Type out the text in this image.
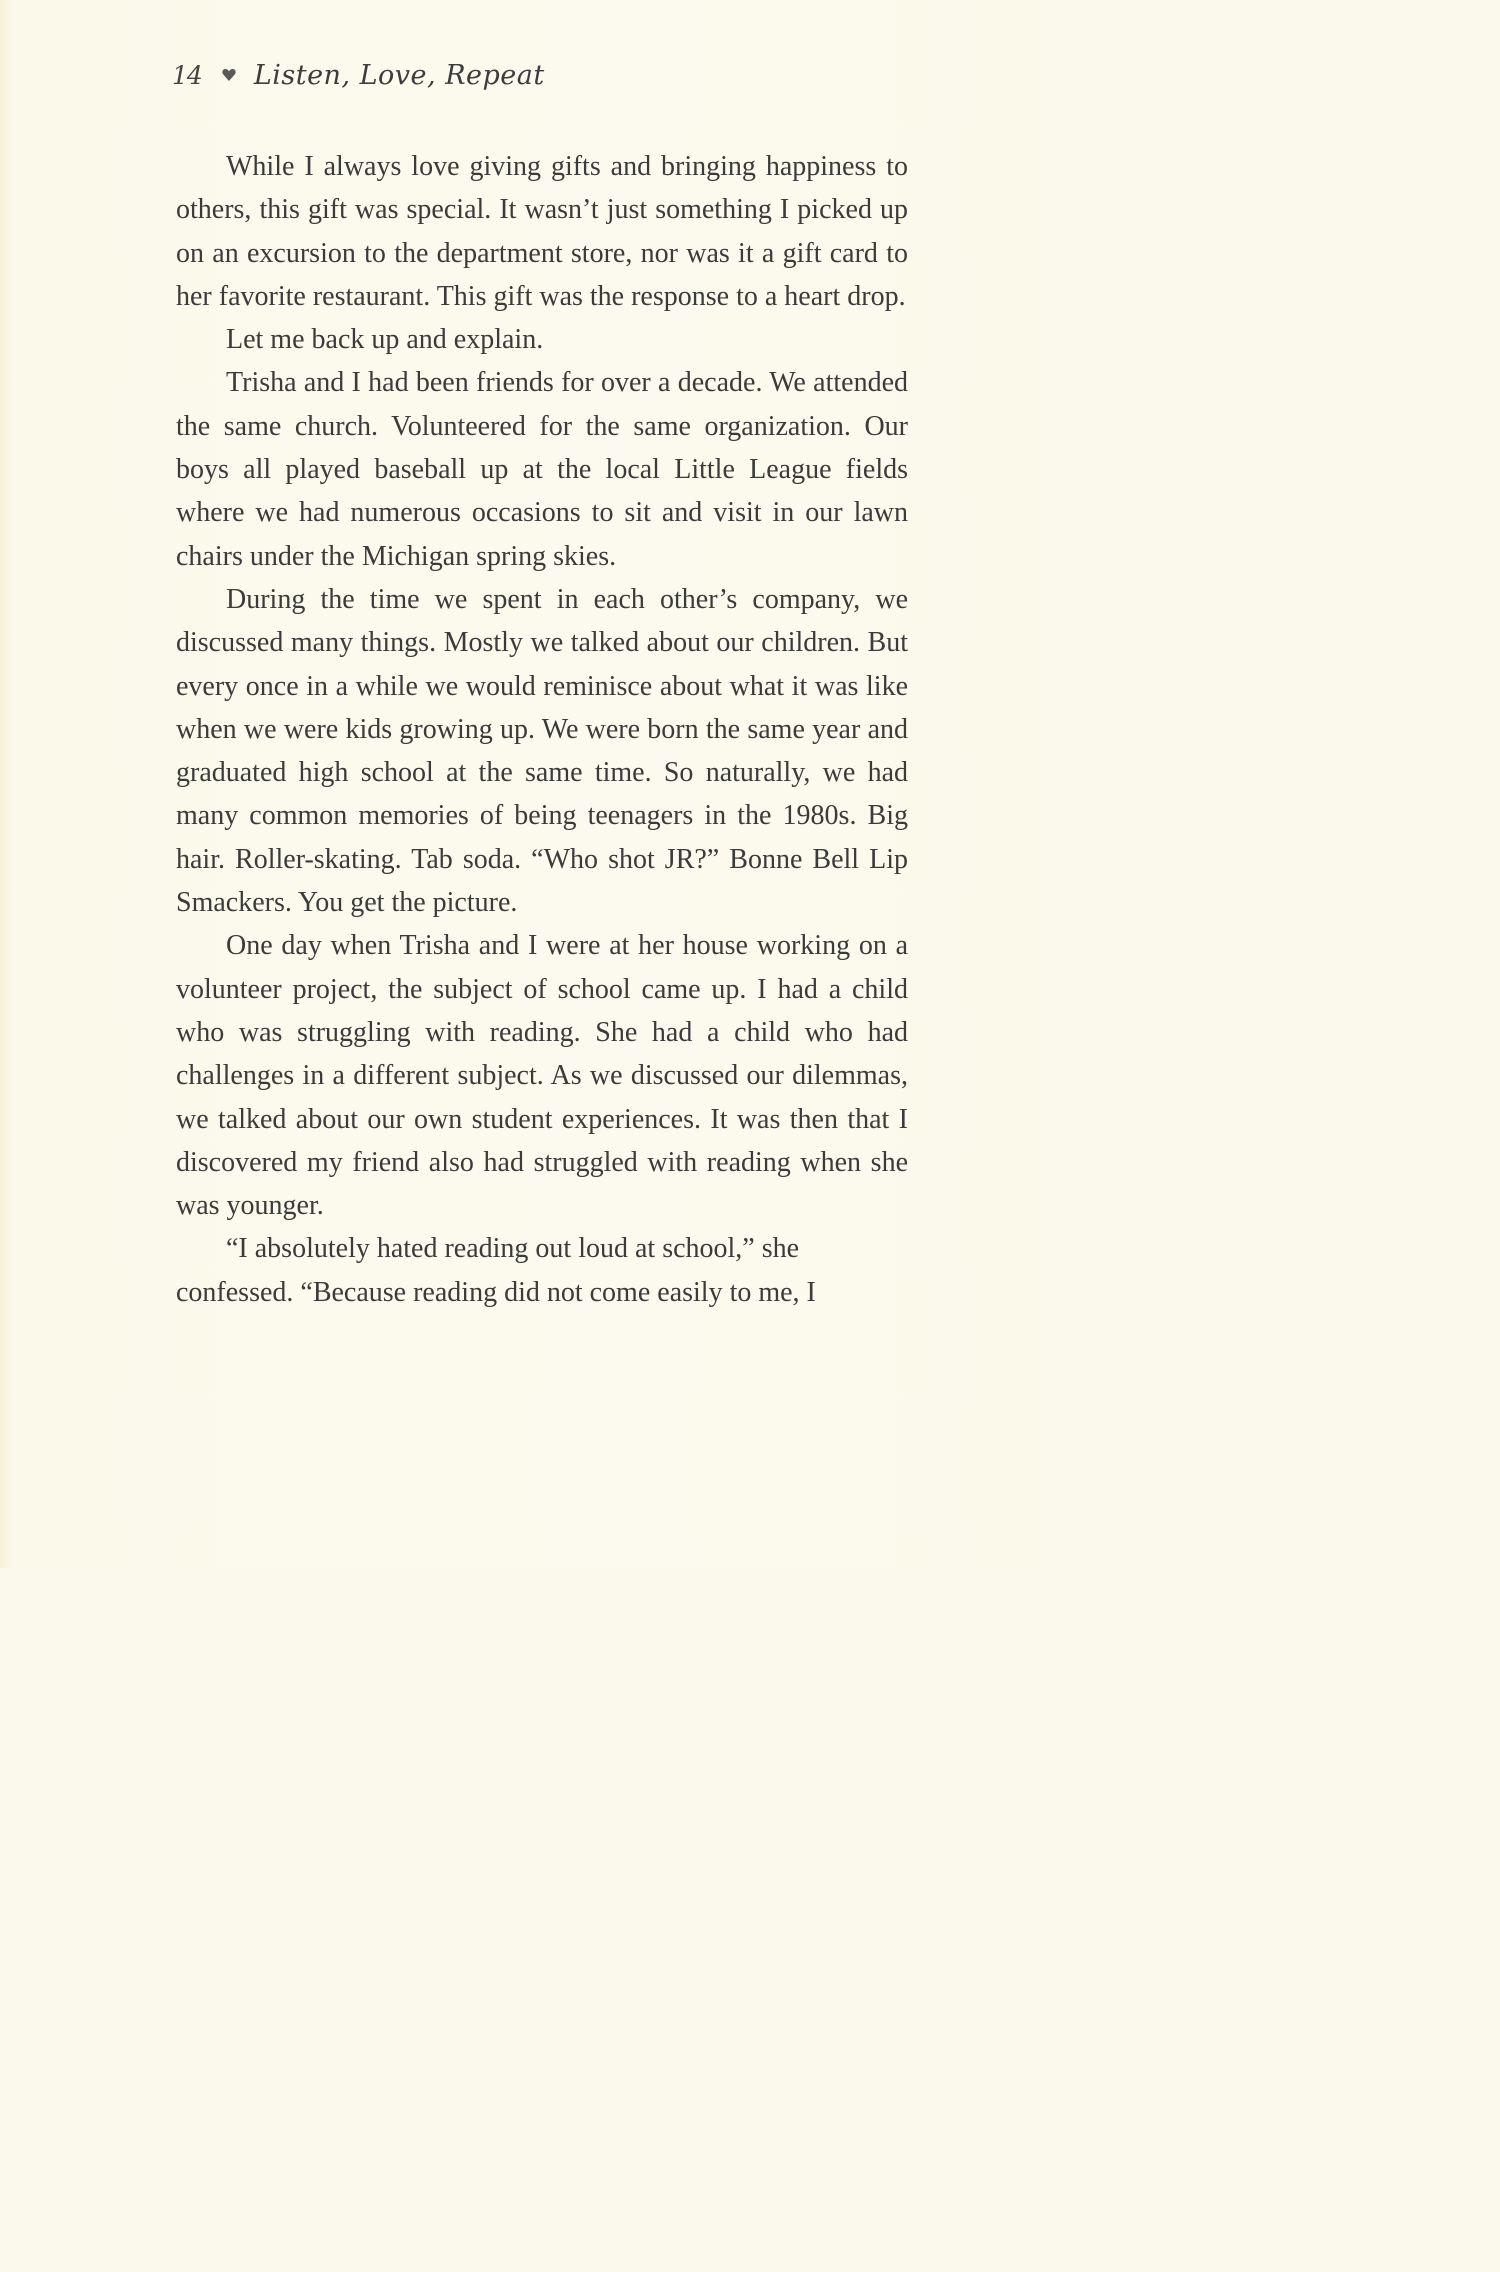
14 Listen, Love, Repeat

While I always love giving gifts and bringing happiness to others, this gift was special. It wasn’t just something I picked up on an excursion to the department store, nor was it a gift card to her favorite restaurant. This gift was the response to a heart drop.

Let me back up and explain.

Trisha and I had been friends for over a decade. We attended the same church. Volunteered for the same organization. Our boys all played baseball up at the local Little League fields where we had numerous occasions to sit and visit in our lawn chairs under the Michigan spring skies.

During the time we spent in each other’s company, we discussed many things. Mostly we talked about our children. But every once in a while we would reminisce about what it was like when we were kids growing up. We were born the same year and graduated high school at the same time. So naturally, we had many common memories of being teenagers in the 1980s. Big hair. Roller-skating. Tab soda. “Who shot JR?” Bonne Bell Lip Smackers. You get the picture.

One day when Trisha and I were at her house working on a volunteer project, the subject of school came up. I had a child who was struggling with reading. She had a child who had challenges in a different subject. As we discussed our dilemmas, we talked about our own student experiences. It was then that I discovered my friend also had struggled with reading when she was younger.

“I absolutely hated reading out loud at school,” she confessed. “Because reading did not come easily to me, I
